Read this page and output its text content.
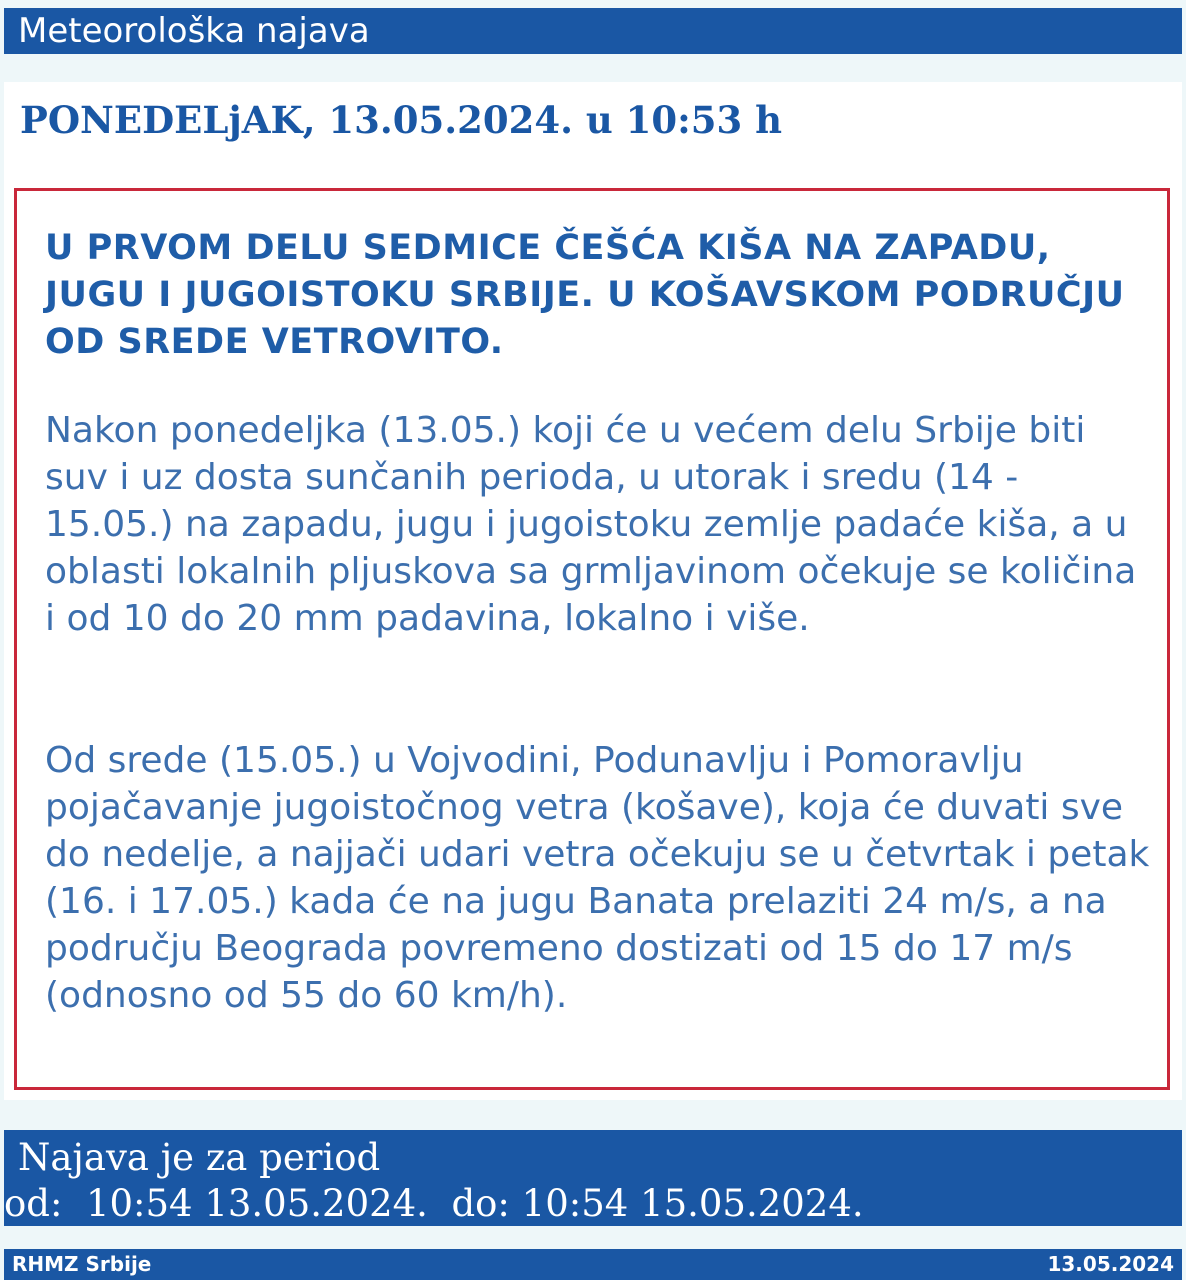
Meteorološka najava
PONEDELjAK, 13.05.2024. u 10:53 h
U PRVOM DELU SEDMICE ČEŠĆA KIŠA NA ZAPADU, JUGU I JUGOISTOKU SRBIJE. U KOŠAVSKOM PODRUČJU OD SREDE VETROVITO.
Nakon ponedeljka (13.05.) koji će u većem delu Srbije biti suv i uz dosta sunčanih perioda, u utorak i sredu (14 - 15.05.) na zapadu, jugu i jugoistoku zemlje padaće kiša, a u oblasti lokalnih pljuskova sa grmljavinom očekuje se količina i od 10 do 20 mm padavina, lokalno i više.
Od srede (15.05.) u Vojvodini, Podunavlju i Pomoravlju pojačavanje jugoistočnog vetra (košave), koja će duvati sve do nedelje, a najjači udari vetra očekuju se u četvrtak i petak (16. i 17.05.) kada će na jugu Banata prelaziti 24 m/s, a na području Beograda povremeno dostizati od 15 do 17 m/s (odnosno od 55 do 60 km/h).
Najava je za period
od:  10:54 13.05.2024.  do: 10:54 15.05.2024.
RHMZ Srbije	13.05.2024
